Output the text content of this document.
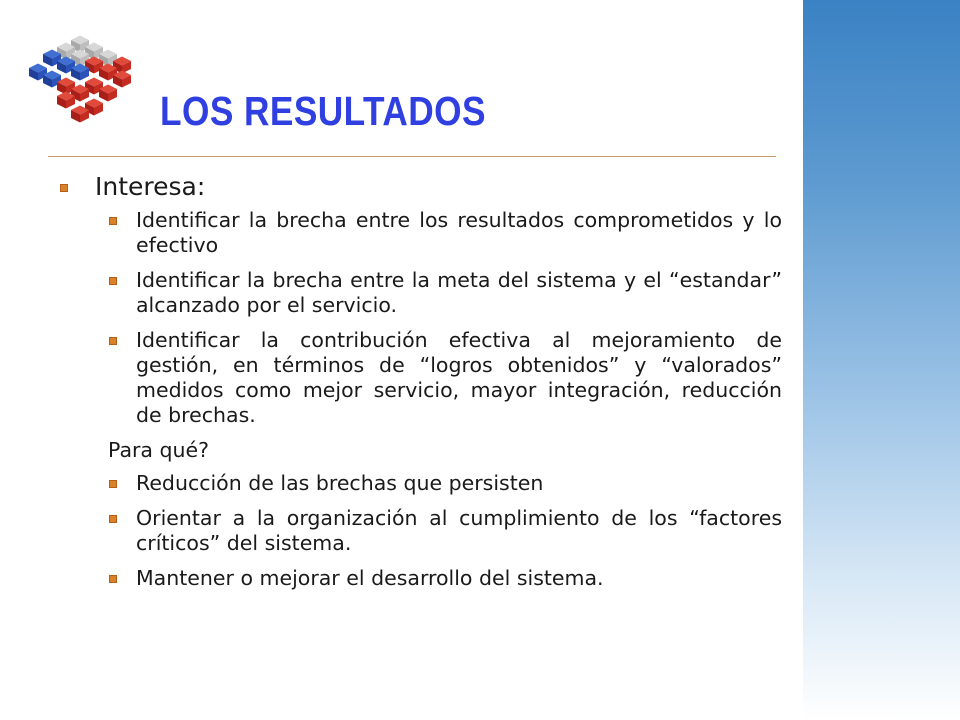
LOS RESULTADOS
Interesa:
Identificar la brecha entre los resultados comprometidos y lo efectivo
Identificar la brecha entre la meta del sistema y el “estandar” alcanzado por el servicio.
Identificar la contribución efectiva al mejoramiento de gestión, en términos de “logros obtenidos” y “valorados” medidos como mejor servicio, mayor integración, reducción de brechas.
Para qué?
Reducción de las brechas que persisten
Orientar a la organización al cumplimiento de los “factores críticos” del sistema.
Mantener o mejorar el desarrollo del sistema.
